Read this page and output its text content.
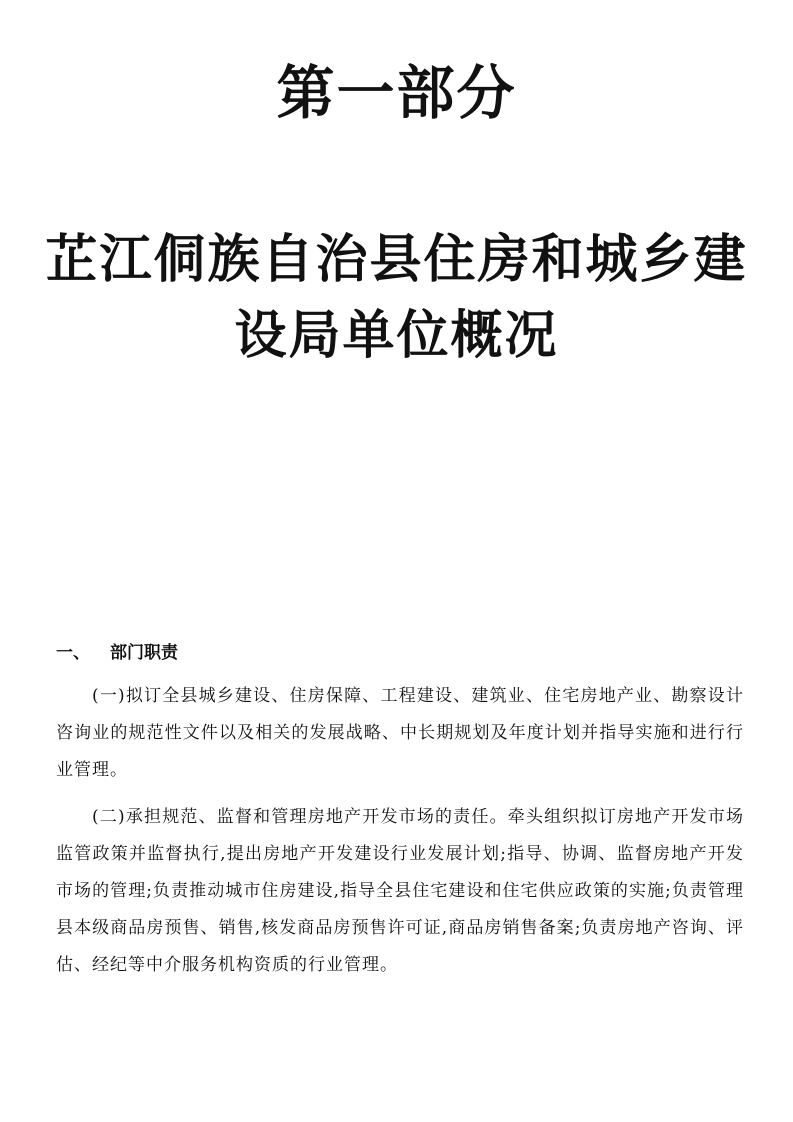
第一部分
芷江侗族自治县住房和城乡建设局单位概况
一、 部门职责

(一)拟订全县城乡建设、住房保障、工程建设、建筑业、住宅房地产业、勘察设计咨询业的规范性文件以及相关的发展战略、中长期规划及年度计划并指导实施和进行行业管理。

(二)承担规范、监督和管理房地产开发市场的责任。牵头组织拟订房地产开发市场监管政策并监督执行,提出房地产开发建设行业发展计划;指导、协调、监督房地产开发市场的管理;负责推动城市住房建设,指导全县住宅建设和住宅供应政策的实施;负责管理县本级商品房预售、销售,核发商品房预售许可证,商品房销售备案;负责房地产咨询、评估、经纪等中介服务机构资质的行业管理。
